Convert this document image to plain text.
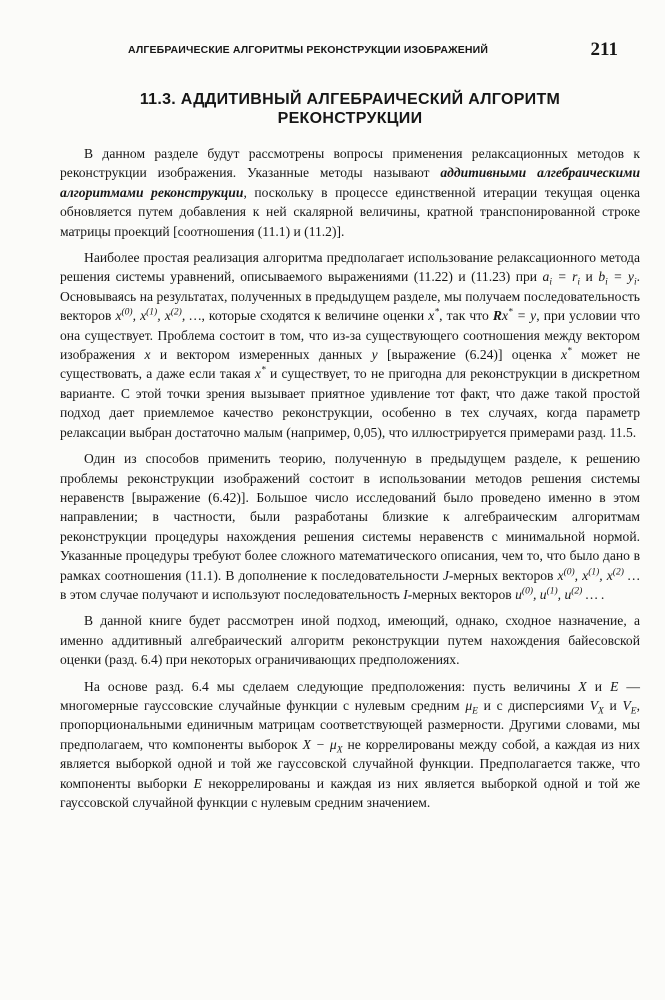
АЛГЕБРАИЧЕСКИЕ АЛГОРИТМЫ РЕКОНСТРУКЦИИ ИЗОБРАЖЕНИЙ	211
11.3. АДДИТИВНЫЙ АЛГЕБРАИЧЕСКИЙ АЛГОРИТМ
РЕКОНСТРУКЦИИ

В данном разделе будут рассмотрены вопросы применения релаксационных методов к реконструкции изображения. Указанные методы называют аддитивными алгебраическими алгоритмами реконструкции, поскольку в процессе единственной итерации текущая оценка обновляется путем добавления к ней скалярной величины, кратной транспонированной строке матрицы проекций [соотношения (11.1) и (11.2)].

Наиболее простая реализация алгоритма предполагает использование релаксационного метода решения системы уравнений, описываемого выражениями (11.22) и (11.23) при $a_i = r_i$ и $b_i = y_i$. Основываясь на результатах, полученных в предыдущем разделе, мы получаем последовательность векторов $x^{(0)}$, $x^{(1)}$, $x^{(2)}$, …, которые сходятся к величине оценки x*, так что Rx* = y, при условии что она существует. Проблема состоит в том, что из-за существующего соотношения между вектором изображения x и вектором измеренных данных y [выражение (6.24)] оценка x* может не существовать, а даже если такая x* и существует, то не пригодна для реконструкции в дискретном варианте. С этой точки зрения вызывает приятное удивление тот факт, что даже такой простой подход дает приемлемое качество реконструкции, особенно в тех случаях, когда параметр релаксации выбран достаточно малым (например, 0,05), что иллюстрируется примерами разд. 11.5.

Один из способов применить теорию, полученную в предыдущем разделе, к решению проблемы реконструкции изображений состоит в использовании методов решения системы неравенств [выражение (6.42)]. Большое число исследований было проведено именно в этом направлении; в частности, были разработаны близкие к алгебраическим алгоритмам реконструкции процедуры нахождения решения системы неравенств с минимальной нормой. Указанные процедуры требуют более сложного математического описания, чем то, что было дано в рамках соотношения (11.1). В дополнение к последовательности J-мерных векторов $x^{(0)}$, $x^{(1)}$, $x^{(2)}$ … в этом случае получают и используют последовательность I-мерных векторов $u^{(0)}$, $u^{(1)}$, $u^{(2)}$ … .

В данной книге будет рассмотрен иной подход, имеющий, однако, сходное назначение, а именно аддитивный алгебраический алгоритм реконструкции путем нахождения байесовской оценки (разд. 6.4) при некоторых ограничивающих предположениях.

На основе разд. 6.4 мы сделаем следующие предположения: пусть величины X и E — многомерные гауссовские случайные функции с нулевым средним $\mu_E$ и с дисперсиями $V_X$ и $V_E$, пропорциональными единичным матрицам соответствующей размерности. Другими словами, мы предполагаем, что компоненты выборок $X - \mu_X$ не коррелированы между собой, а каждая из них является выборкой одной и той же гауссовской случайной функции. Предполагается также, что компоненты выборки E некоррелированы и каждая из них является выборкой одной и той же гауссовской случайной функции с нулевым средним значением.
